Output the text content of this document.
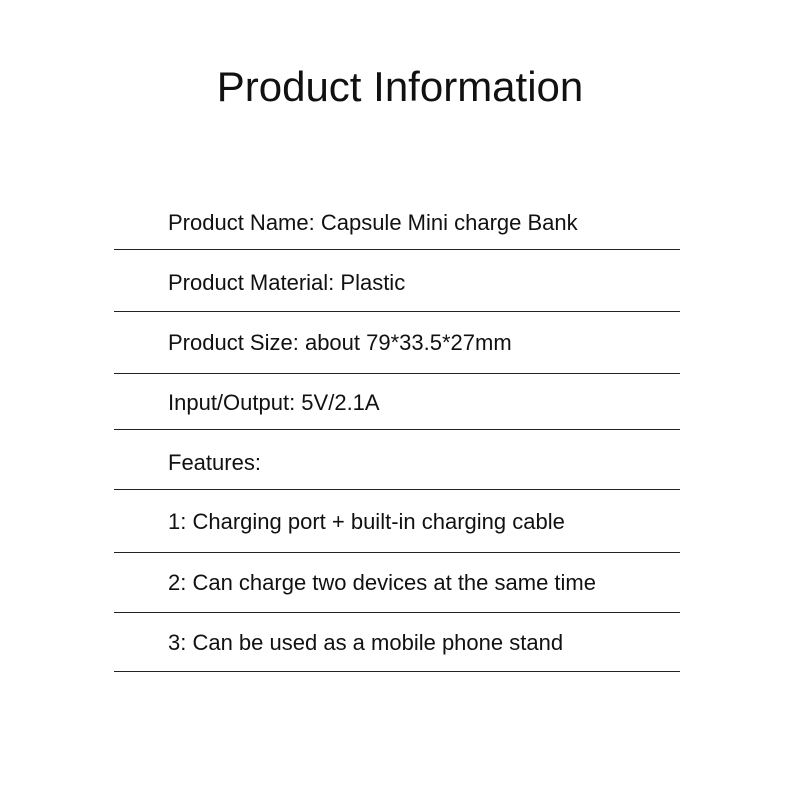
Product Information
Product Name: Capsule Mini charge Bank
Product Material: Plastic
Product Size: about 79*33.5*27mm
Input/Output: 5V/2.1A
Features:
1: Charging port + built-in charging cable
2: Can charge two devices at the same time
3: Can be used as a mobile phone stand
